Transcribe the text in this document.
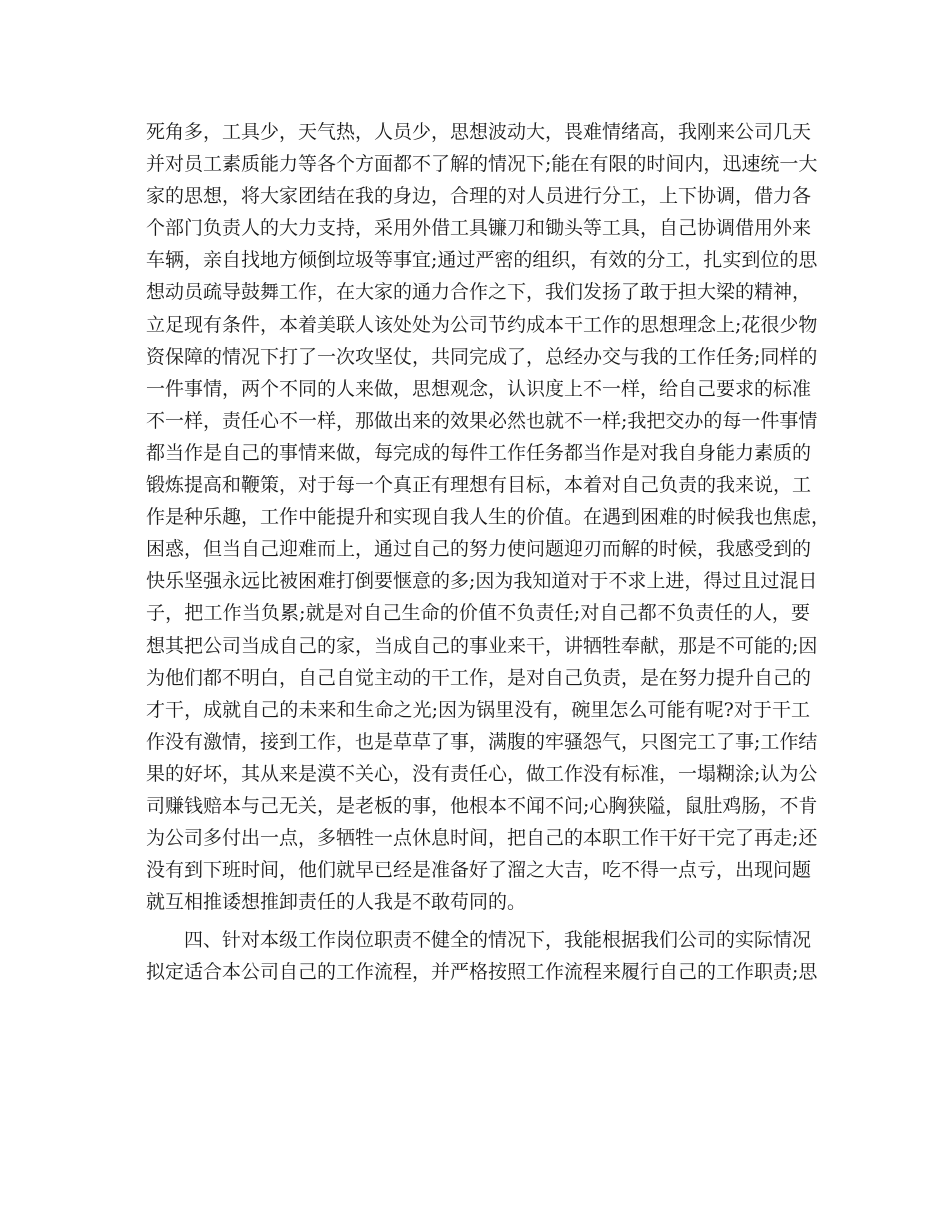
死角多，工具少，天气热，人员少，思想波动大，畏难情绪高，我刚来公司几天
并对员工素质能力等各个方面都不了解的情况下;能在有限的时间内，迅速统一大
家的思想，将大家团结在我的身边，合理的对人员进行分工，上下协调，借力各
个部门负责人的大力支持，采用外借工具镰刀和锄头等工具，自己协调借用外来
车辆，亲自找地方倾倒垃圾等事宜;通过严密的组织，有效的分工，扎实到位的思
想动员疏导鼓舞工作，在大家的通力合作之下，我们发扬了敢于担大梁的精神，
立足现有条件，本着美联人该处处为公司节约成本干工作的思想理念上;花很少物
资保障的情况下打了一次攻坚仗，共同完成了，总经办交与我的工作任务;同样的
一件事情，两个不同的人来做，思想观念，认识度上不一样，给自己要求的标准
不一样，责任心不一样，那做出来的效果必然也就不一样;我把交办的每一件事情
都当作是自己的事情来做，每完成的每件工作任务都当作是对我自身能力素质的
锻炼提高和鞭策，对于每一个真正有理想有目标，本着对自己负责的我来说，工
作是种乐趣，工作中能提升和实现自我人生的价值。在遇到困难的时候我也焦虑，
困惑，但当自己迎难而上，通过自己的努力使问题迎刃而解的时候，我感受到的
快乐坚强永远比被困难打倒要惬意的多;因为我知道对于不求上进，得过且过混日
子，把工作当负累;就是对自己生命的价值不负责任;对自己都不负责任的人，要
想其把公司当成自己的家，当成自己的事业来干，讲牺牲奉献，那是不可能的;因
为他们都不明白，自己自觉主动的干工作，是对自己负责，是在努力提升自己的
才干，成就自己的未来和生命之光;因为锅里没有，碗里怎么可能有呢?对于干工
作没有激情，接到工作，也是草草了事，满腹的牢骚怨气，只图完工了事;工作结
果的好坏，其从来是漠不关心，没有责任心，做工作没有标准，一塌糊涂;认为公
司赚钱赔本与己无关，是老板的事，他根本不闻不问;心胸狭隘，鼠肚鸡肠，不肯
为公司多付出一点，多牺牲一点休息时间，把自己的本职工作干好干完了再走;还
没有到下班时间，他们就早已经是准备好了溜之大吉，吃不得一点亏，出现问题
就互相推诿想推卸责任的人我是不敢苟同的。
四、针对本级工作岗位职责不健全的情况下，我能根据我们公司的实际情况
拟定适合本公司自己的工作流程，并严格按照工作流程来履行自己的工作职责;思
